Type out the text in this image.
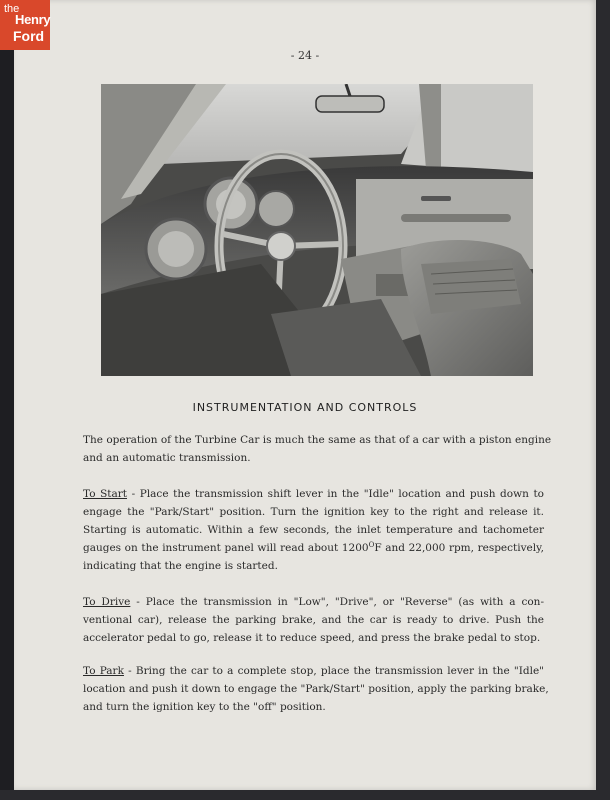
- 24 -
INSTRUMENTATION AND CONTROLS
The operation of the Turbine Car is much the same as that of a car with a piston engine
and an automatic transmission.
To Start - Place the transmission shift lever in the "Idle" location and push down to
engage the "Park/Start" position. Turn the ignition key to the right and release it.
Starting is automatic. Within a few seconds, the inlet temperature and tachometer
gauges on the instrument panel will read about $1200^OF$ and 22,000 rpm, respectively,
indicating that the engine is started.
To Drive - Place the transmission in "Low", "Drive", or "Reverse" (as with a con-
ventional car), release the parking brake, and the car is ready to drive. Push the
accelerator pedal to go, release it to reduce speed, and press the brake pedal to stop.
To Park - Bring the car to a complete stop, place the transmission lever in the "Idle"
location and push it down to engage the "Park/Start" position, apply the parking brake,
and turn the ignition key to the "off" position.
the
Henry
Ford
